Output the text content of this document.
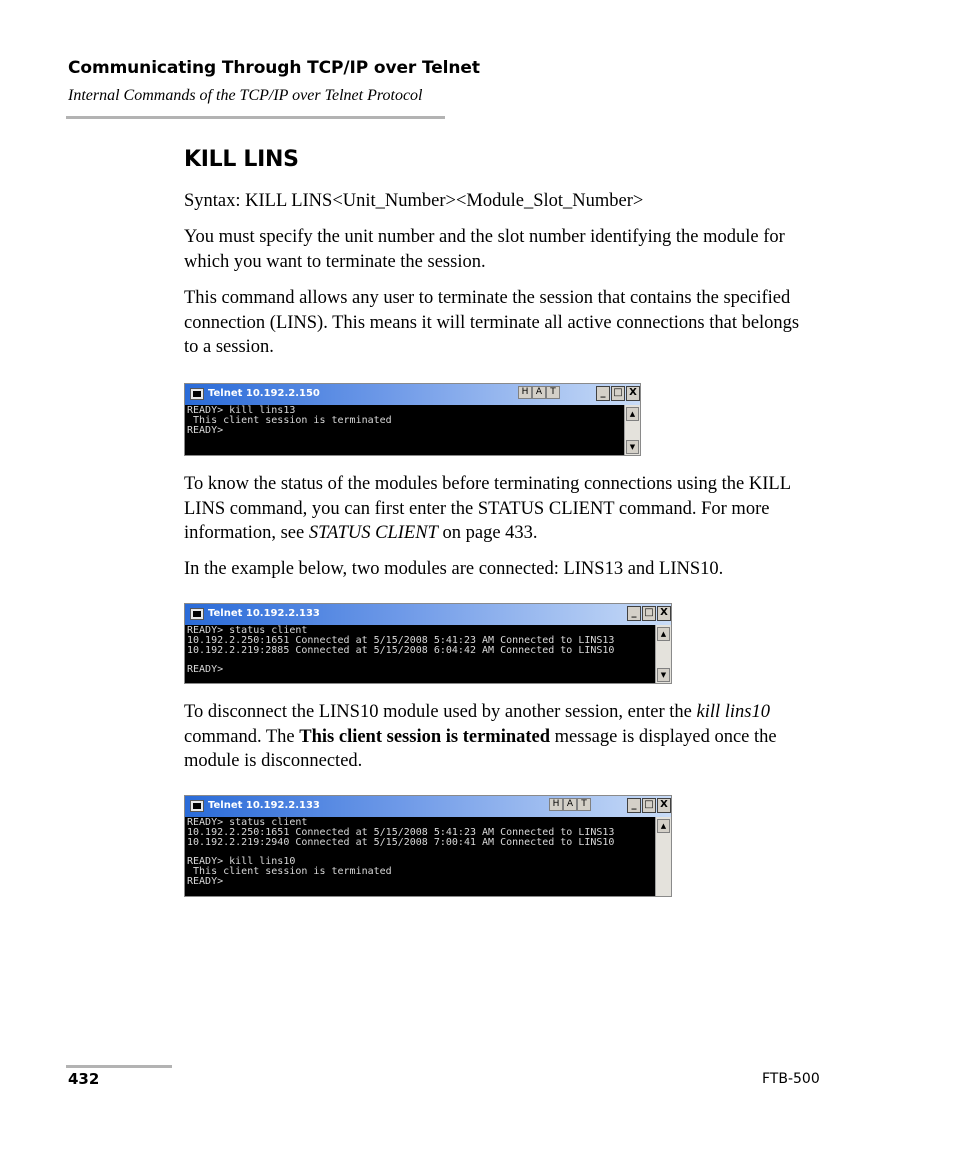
Communicating Through TCP/IP over Telnet
Internal Commands of the TCP/IP over Telnet Protocol
KILL LINS

Syntax: KILL LINS<Unit_Number><Module_Slot_Number>

You must specify the unit number and the slot number identifying the module for which you want to terminate the session.

This command allows any user to terminate the session that contains the specified connection (LINS). This means it will terminate all active connections that belongs to a session.

Telnet 10.192.2.150	H A T	_ □ X
READY> kill lins13
This client session is terminated
READY>
▲
▼

To know the status of the modules before terminating connections using the KILL LINS command, you can first enter the STATUS CLIENT command. For more information, see STATUS CLIENT on page 433.

In the example below, two modules are connected: LINS13 and LINS10.

Telnet 10.192.2.133	_ □ X
READY> status client
10.192.2.250:1651 Connected at 5/15/2008 5:41:23 AM Connected to LINS13
10.192.2.219:2885 Connected at 5/15/2008 6:04:42 AM Connected to LINS10

READY>
▲
▼

To disconnect the LINS10 module used by another session, enter the kill lins10 command. The This client session is terminated message is displayed once the module is disconnected.

Telnet 10.192.2.133	H A T	_ □ X
READY> status client
10.192.2.250:1651 Connected at 5/15/2008 5:41:23 AM Connected to LINS13
10.192.2.219:2940 Connected at 5/15/2008 7:00:41 AM Connected to LINS10

READY> kill lins10
This client session is terminated
READY>
▲
432	FTB-500
